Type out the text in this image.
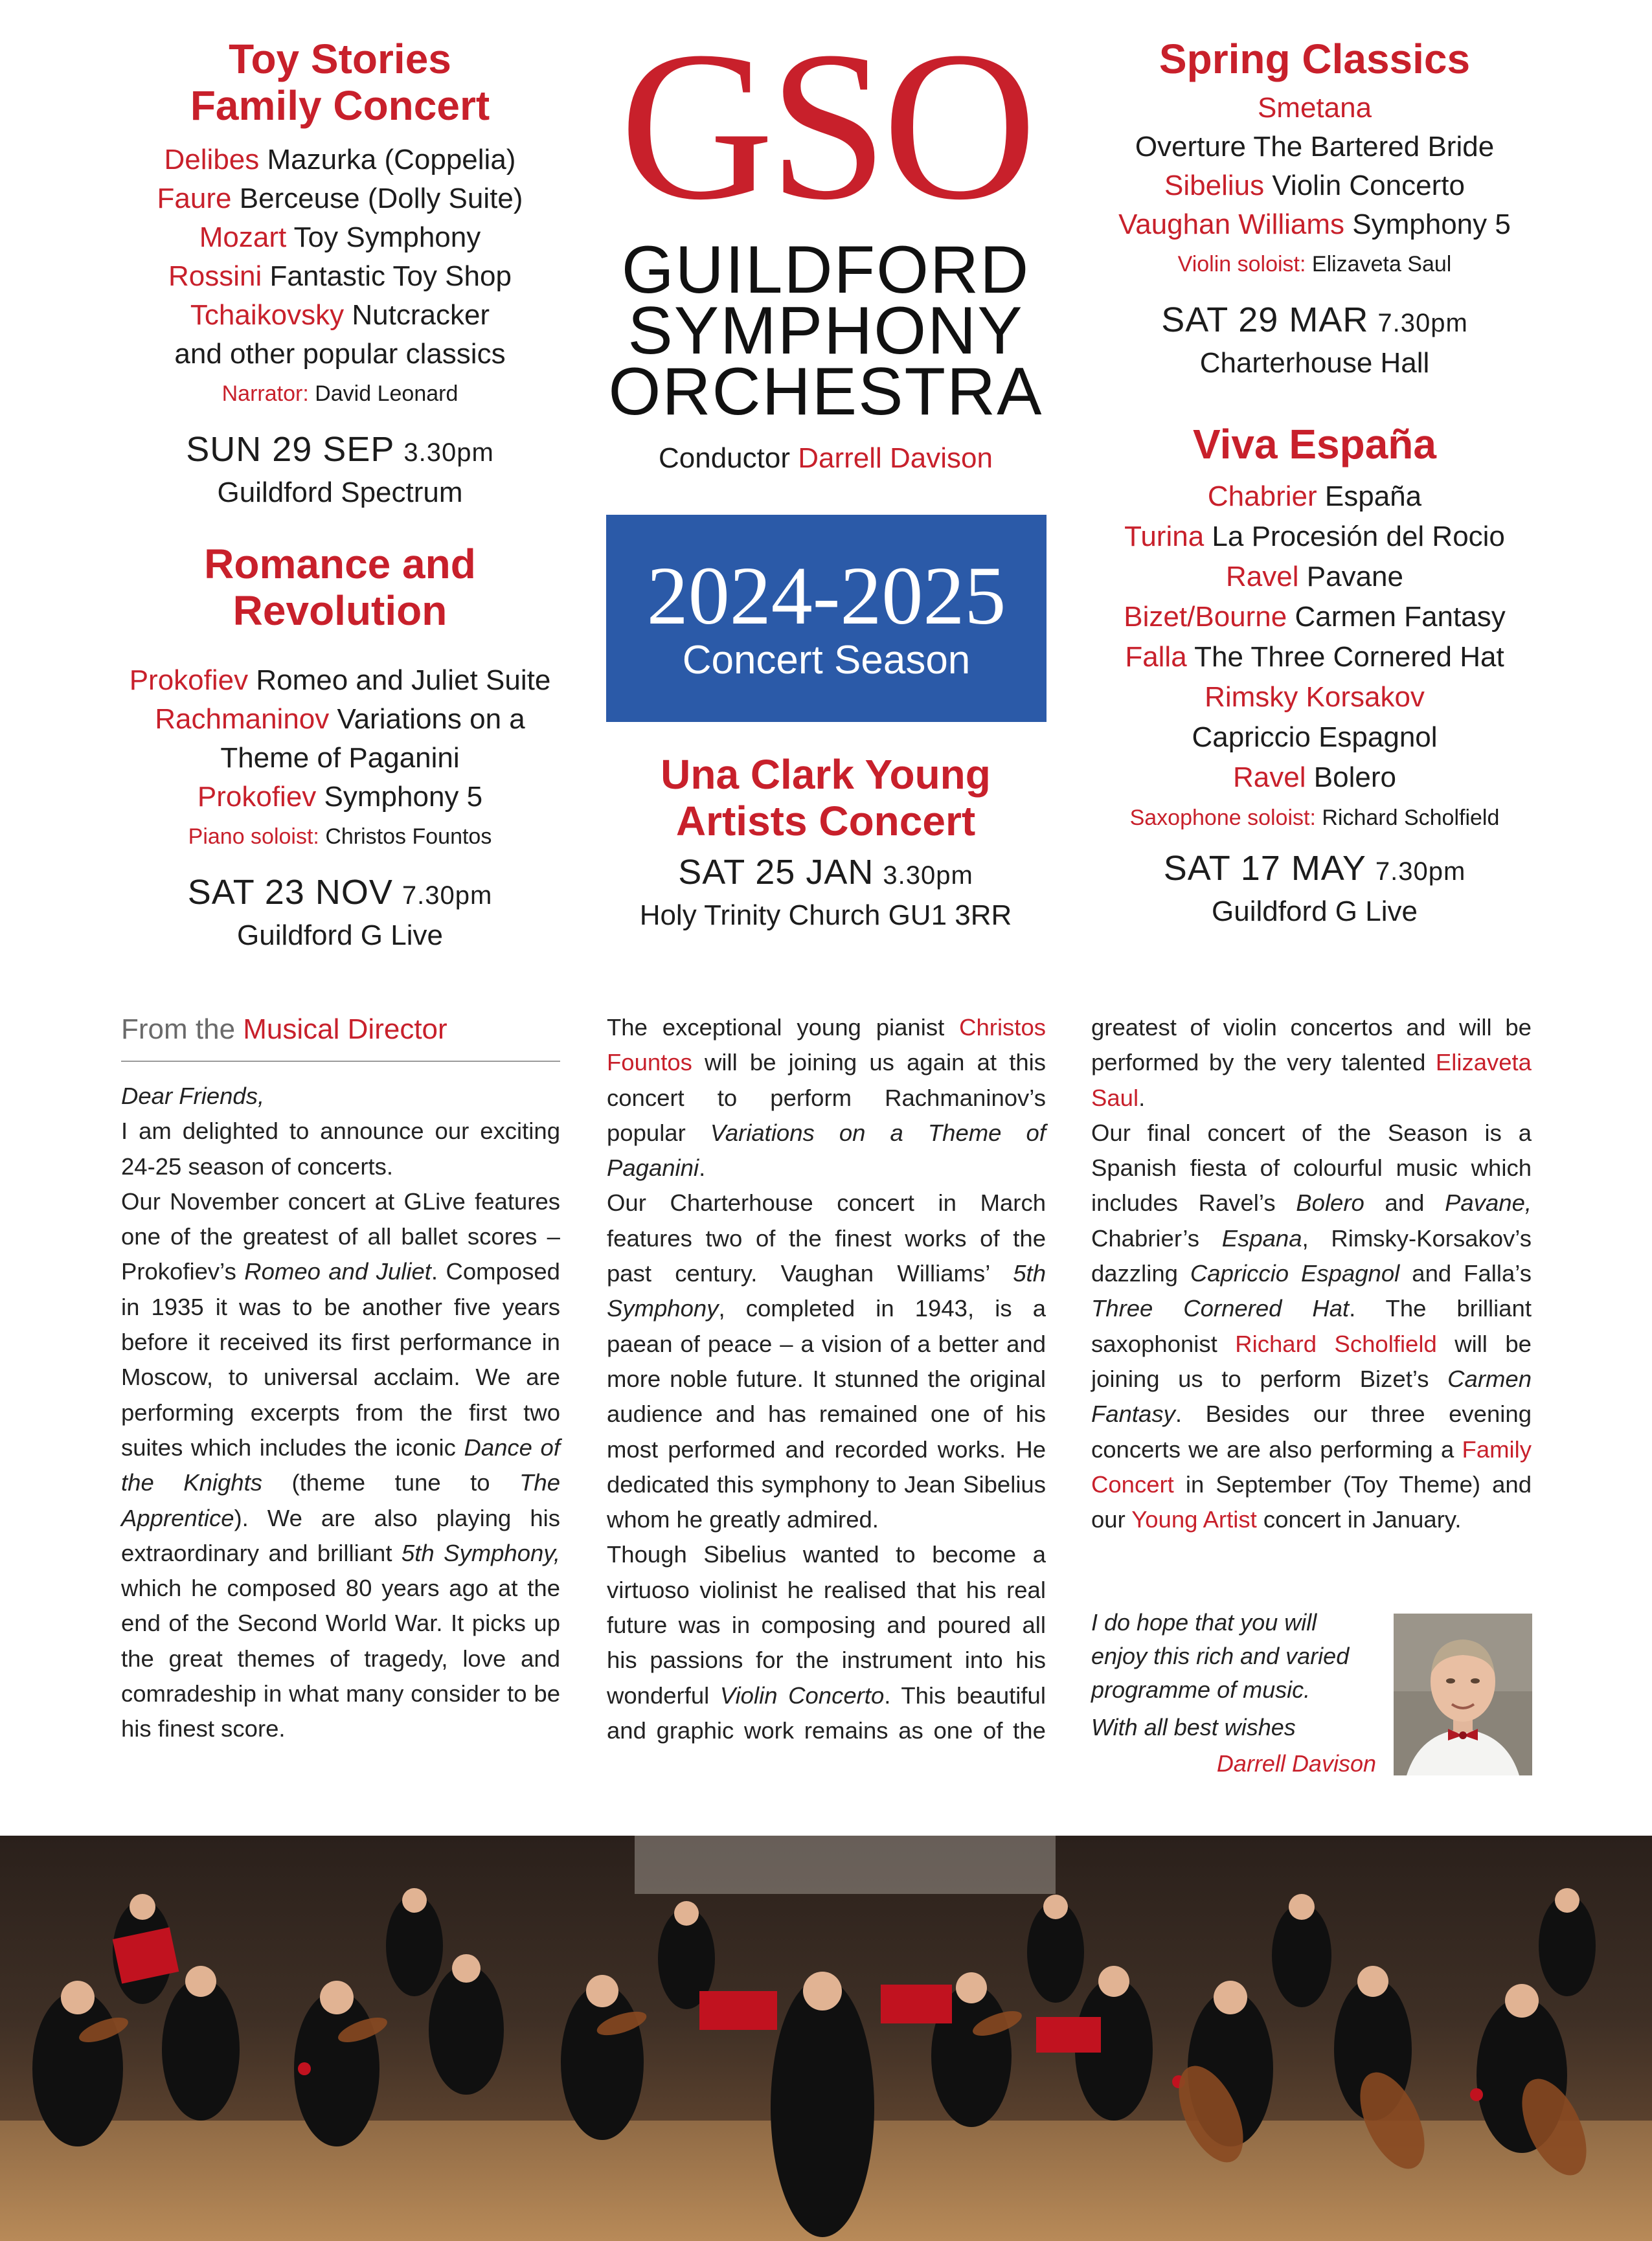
Toy Stories
Family Concert

Delibes Mazurka (Coppelia)

Faure Berceuse (Dolly Suite)

Mozart Toy Symphony

Rossini Fantastic Toy Shop

Tchaikovsky Nutcracker

and other popular classics

Narrator: David Leonard

SUN 29 SEP 3.30pm

Guildford Spectrum

Romance and
Revolution

Prokofiev Romeo and Juliet Suite

Rachmaninov Variations on a

Theme of Paganini

Prokofiev Symphony 5

Piano soloist: Christos Fountos

SAT 23 NOV 7.30pm

Guildford G Live

GSO

GUILDFORD

SYMPHONY

ORCHESTRA

Conductor Darrell Davison
2024-2025
Concert Season
Una Clark Young
Artists Concert

SAT 25 JAN 3.30pm

Holy Trinity Church GU1 3RR

Spring Classics

Smetana

Overture The Bartered Bride

Sibelius Violin Concerto

Vaughan Williams Symphony 5

Violin soloist: Elizaveta Saul

SAT 29 MAR 7.30pm

Charterhouse Hall

Viva España

Chabrier España

Turina La Procesión del Rocio

Ravel Pavane

Bizet/Bourne Carmen Fantasy

Falla The Three Cornered Hat

Rimsky Korsakov

Capriccio Espagnol

Ravel Bolero

Saxophone soloist: Richard Scholfield

SAT 17 MAY 7.30pm

Guildford G Live

From the Musical Director

Dear Friends,

I am delighted to announce our exciting 24-25 season of concerts.

Our November concert at GLive features one of the greatest of all ballet scores – Prokofiev’s Romeo and Juliet. Composed in 1935 it was to be another five years before it received its first performance in Moscow, to universal acclaim. We are performing excerpts from the first two suites which includes the iconic Dance of the Knights (theme tune to The Apprentice). We are also playing his extraordinary and brilliant 5th Symphony, which he composed 80 years ago at the end of the Second World War. It picks up the great themes of tragedy, love and comradeship in what many consider to be his finest score.

The exceptional young pianist Christos Fountos will be joining us again at this concert to perform Rachmaninov’s popular Variations on a Theme of Paganini.

Our Charterhouse concert in March features two of the finest works of the past century. Vaughan Williams’ 5th Symphony, completed in 1943, is a paean of peace – a vision of a better and more noble future. It stunned the original audience and has remained one of his most performed and recorded works. He dedicated this symphony to Jean Sibelius whom he greatly admired.

Though Sibelius wanted to become a virtuoso violinist he realised that his real future was in composing and poured all his passions for the instrument into his wonderful Violin Concerto. This beautiful and graphic work remains as one of the

greatest of violin concertos and will be performed by the very talented Elizaveta Saul.

Our final concert of the Season is a Spanish fiesta of colourful music which includes Ravel’s Bolero and Pavane, Chabrier’s Espana, Rimsky-Korsakov’s dazzling Capriccio Espagnol and Falla’s Three Cornered Hat. The brilliant saxophonist Richard Scholfield will be joining us to perform Bizet’s Carmen Fantasy. Besides our three evening concerts we are also performing a Family Concert in September (Toy Theme) and our Young Artist concert in January.

I do hope that you will
enjoy this rich and varied
programme of music.
With all best wishes
Darrell Davison
